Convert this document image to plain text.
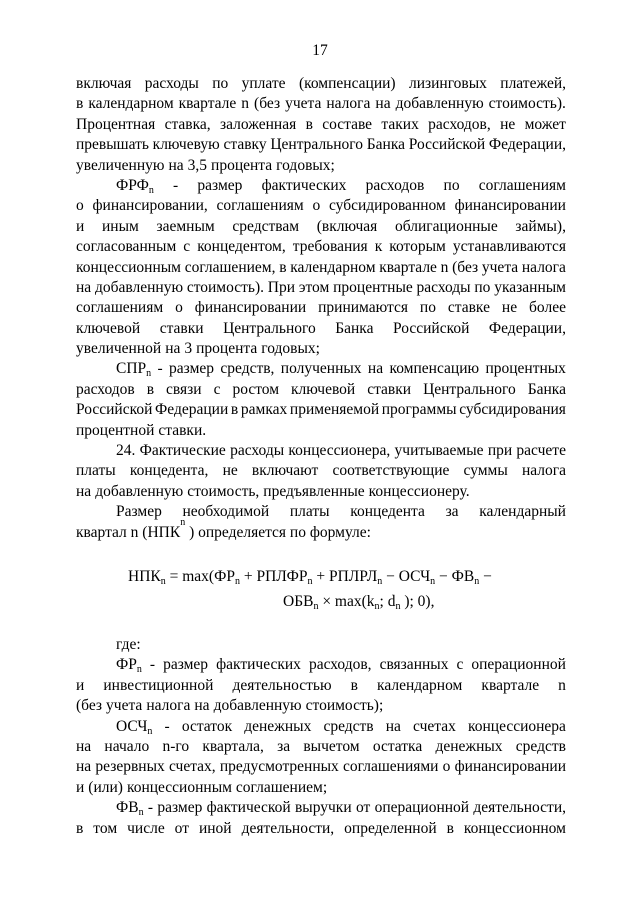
17
включая расходы по уплате (компенсации) лизинговых платежей,
в календарном квартале n (без учета налога на добавленную стоимость).
Процентная ставка, заложенная в составе таких расходов, не может
превышать ключевую ставку Центрального Банка Российской Федерации,
увеличенную на 3,5 процента годовых;
$ФРФ_n$ - размер фактических расходов по соглашениям
о финансировании, соглашениям о субсидированном финансировании
и иным заемным средствам (включая облигационные займы),
согласованным с концедентом, требования к которым устанавливаются
концессионным соглашением, в календарном квартале n (без учета налога
на добавленную стоимость). При этом процентные расходы по указанным
соглашениям о финансировании принимаются по ставке не более
ключевой ставки Центрального Банка Российской Федерации,
увеличенной на 3 процента годовых;
$СПР_n$ - размер средств, полученных на компенсацию процентных
расходов в связи с ростом ключевой ставки Центрального Банка
Российской Федерации в рамках применяемой программы субсидирования
процентной ставки.
24. Фактические расходы концессионера, учитываемые при расчете
платы концедента, не включают соответствующие суммы налога
на добавленную стоимость, предъявленные концессионеру.
Размер необходимой платы концедента за календарный
квартал n ( НПК
n
) определяется по формуле:
$НПК_n = \max(ФР_n$ + $РПЛФР_n$ + $РПЛРЛ_n - ОСЧ_n - ФВ_n$ −
$ОБВ_n \times \max(k_n$; $d_n$ ); 0),
где:
$ФР_n$ - размер фактических расходов, связанных с операционной
и инвестиционной деятельностью в календарном квартале n
(без учета налога на добавленную стоимость);
$ОСЧ_n$ - остаток денежных средств на счетах концессионера
на начало n-го квартала, за вычетом остатка денежных средств
на резервных счетах, предусмотренных соглашениями о финансировании
и (или) концессионным соглашением;
$ФВ_n$ - размер фактической выручки от операционной деятельности,
в том числе от иной деятельности, определенной в концессионном
